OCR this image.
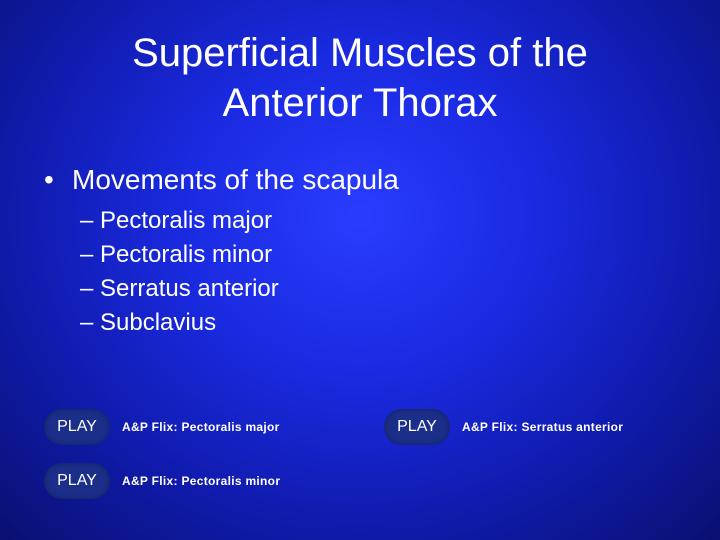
Superficial Muscles of the
Anterior Thorax
• Movements of the scapula
– Pectoralis major
– Pectoralis minor
– Serratus anterior
– Subclavius
PLAY	A&P Flix: Pectoralis major	PLAY	A&P Flix: Serratus anterior
PLAY	A&P Flix: Pectoralis minor
